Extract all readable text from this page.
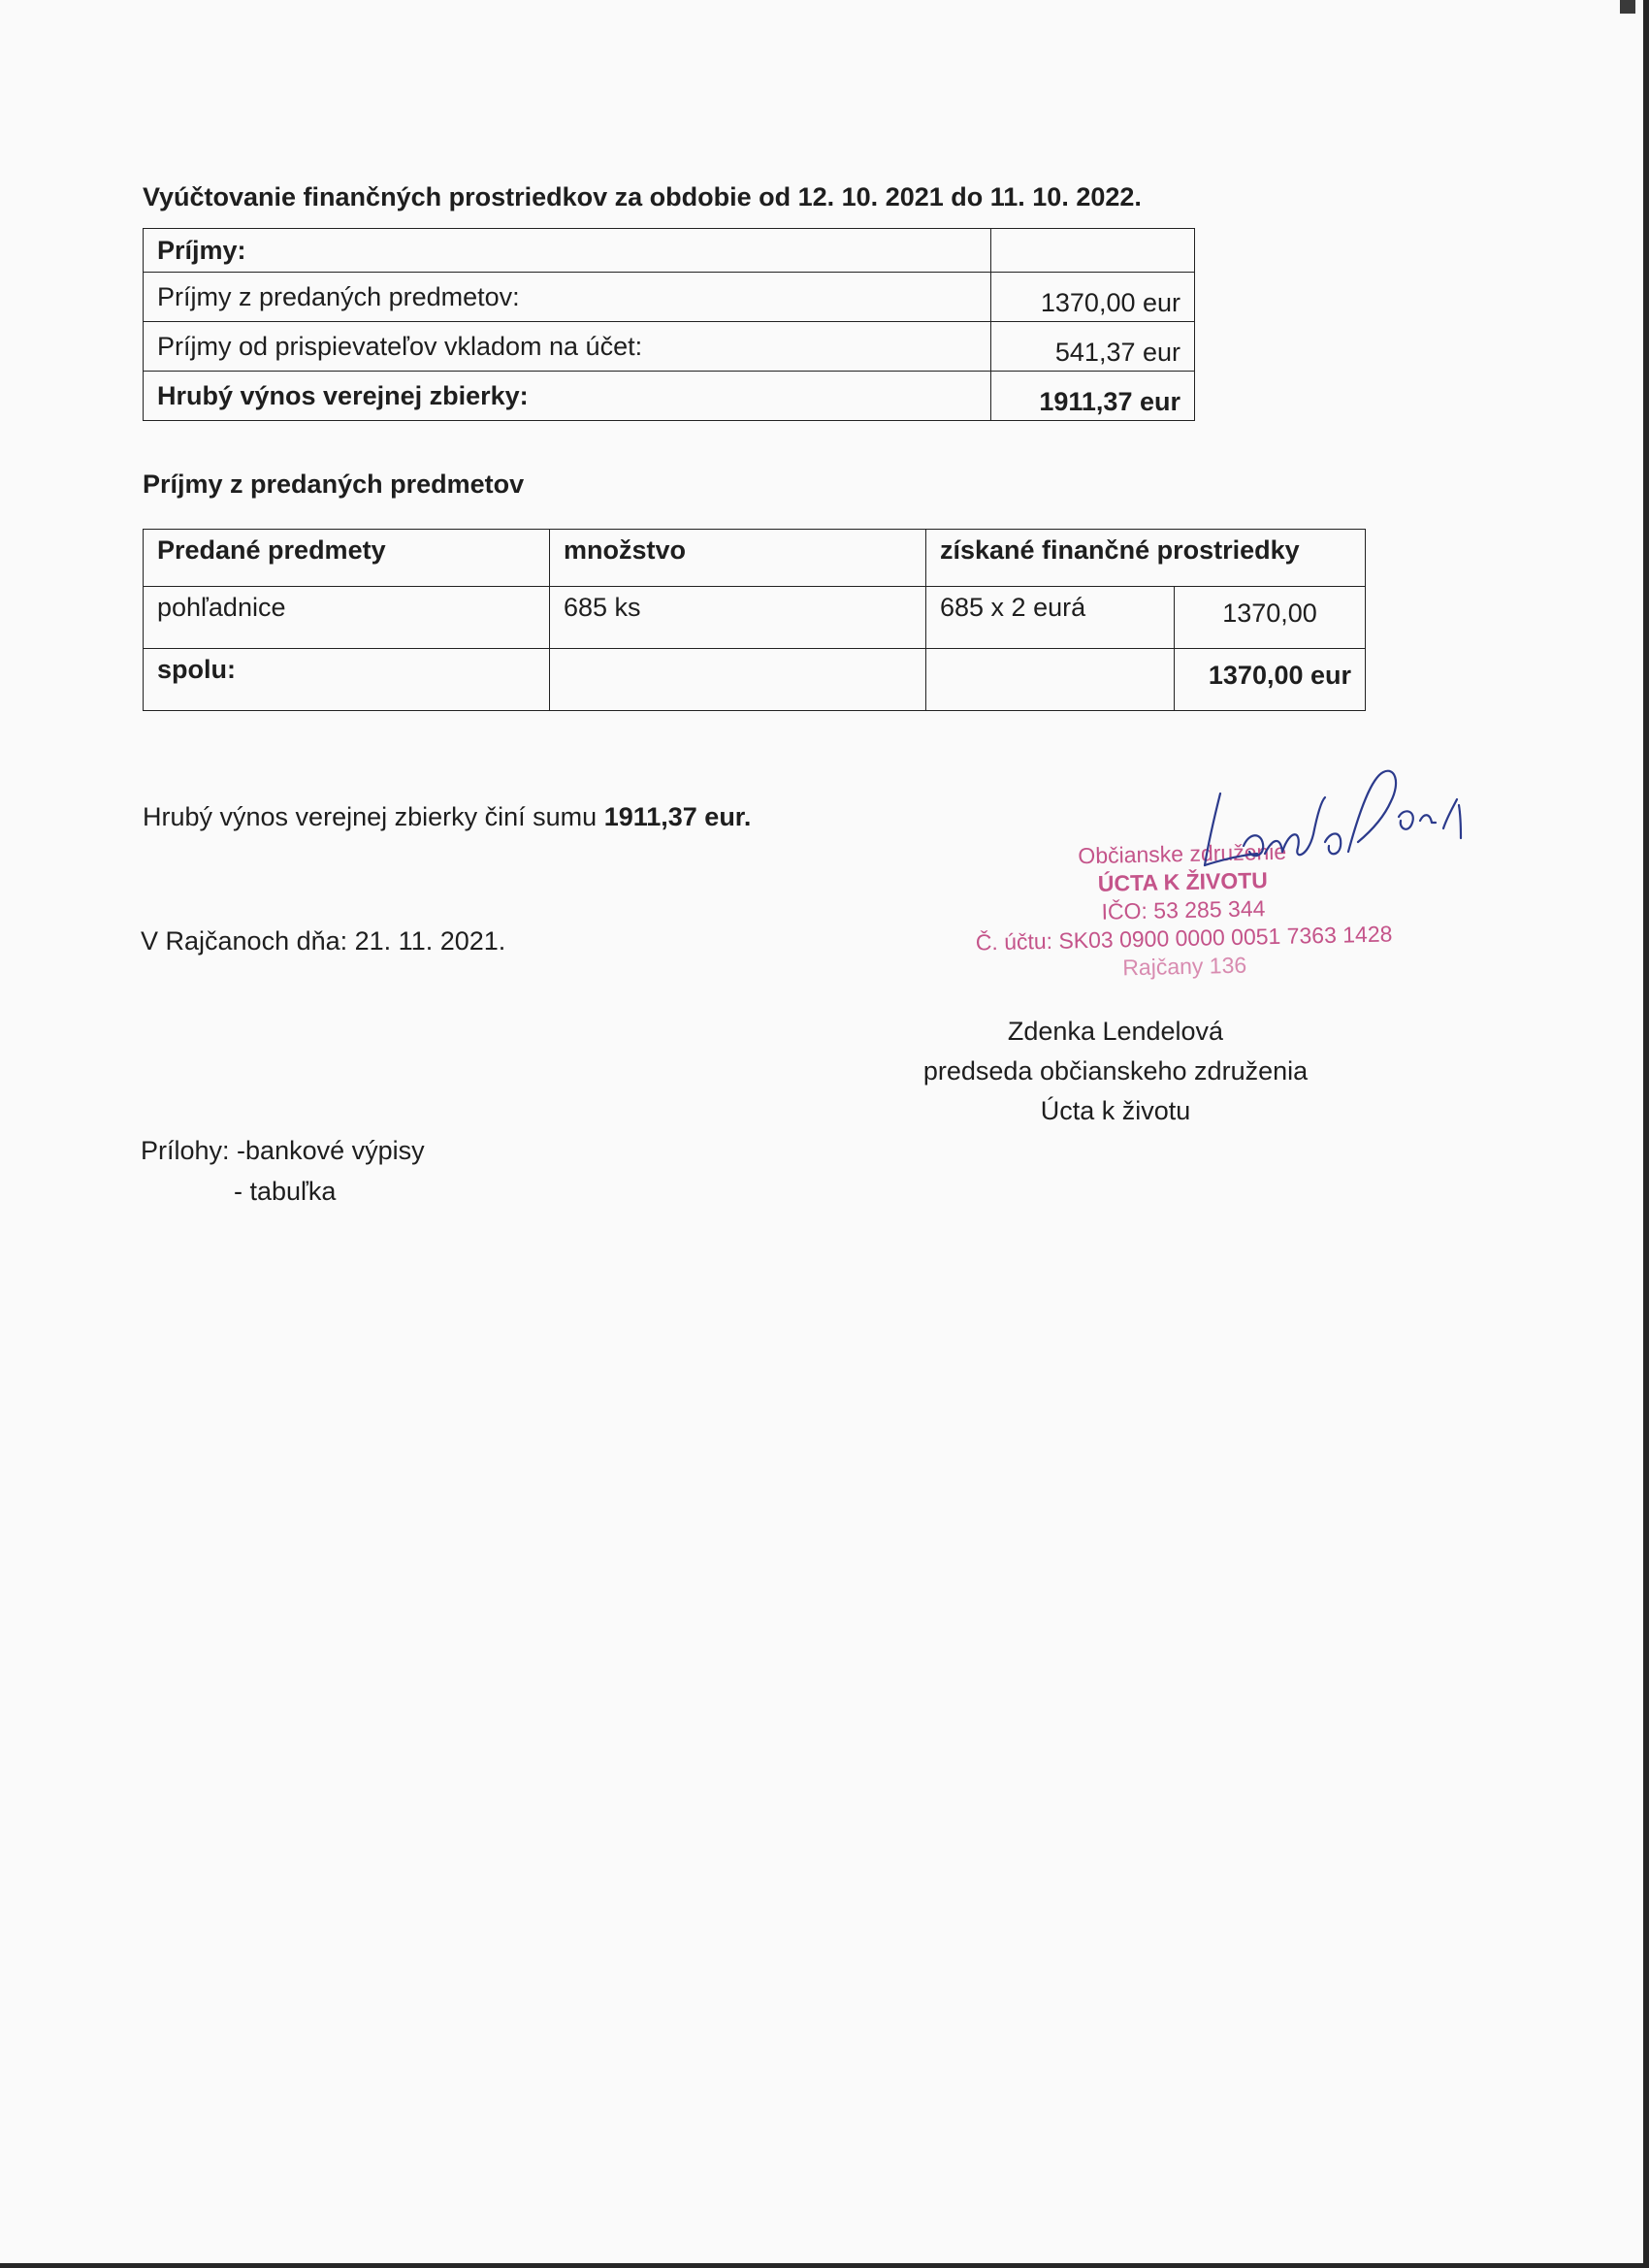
Vyúčtovanie finančných prostriedkov za obdobie od 12. 10. 2021 do 11. 10. 2022.
Príjmy:	
Príjmy z predaných predmetov:	1370,00 eur
Príjmy od prispievateľov vkladom na účet:	541,37 eur
Hrubý výnos verejnej zbierky:	1911,37 eur
Príjmy z predaných predmetov
Predané predmety	množstvo	získané finančné prostriedky	
pohľadnice	685 ks	685 x 2 eurá	1370,00
spolu:			1370,00 eur
Hrubý výnos verejnej zbierky činí sumu 1911,37 eur.
V Rajčanoch dňa: 21. 11. 2021.
Občianske združenie
ÚCTA K ŽIVOTU
IČO: 53 285 344
Č. účtu: SK03 0900 0000 0051 7363 1428
Rajčany 136
Zdenka Lendelová
predseda občianskeho združenia
Úcta k životu
Prílohy: -bankové výpisy
- tabuľka
